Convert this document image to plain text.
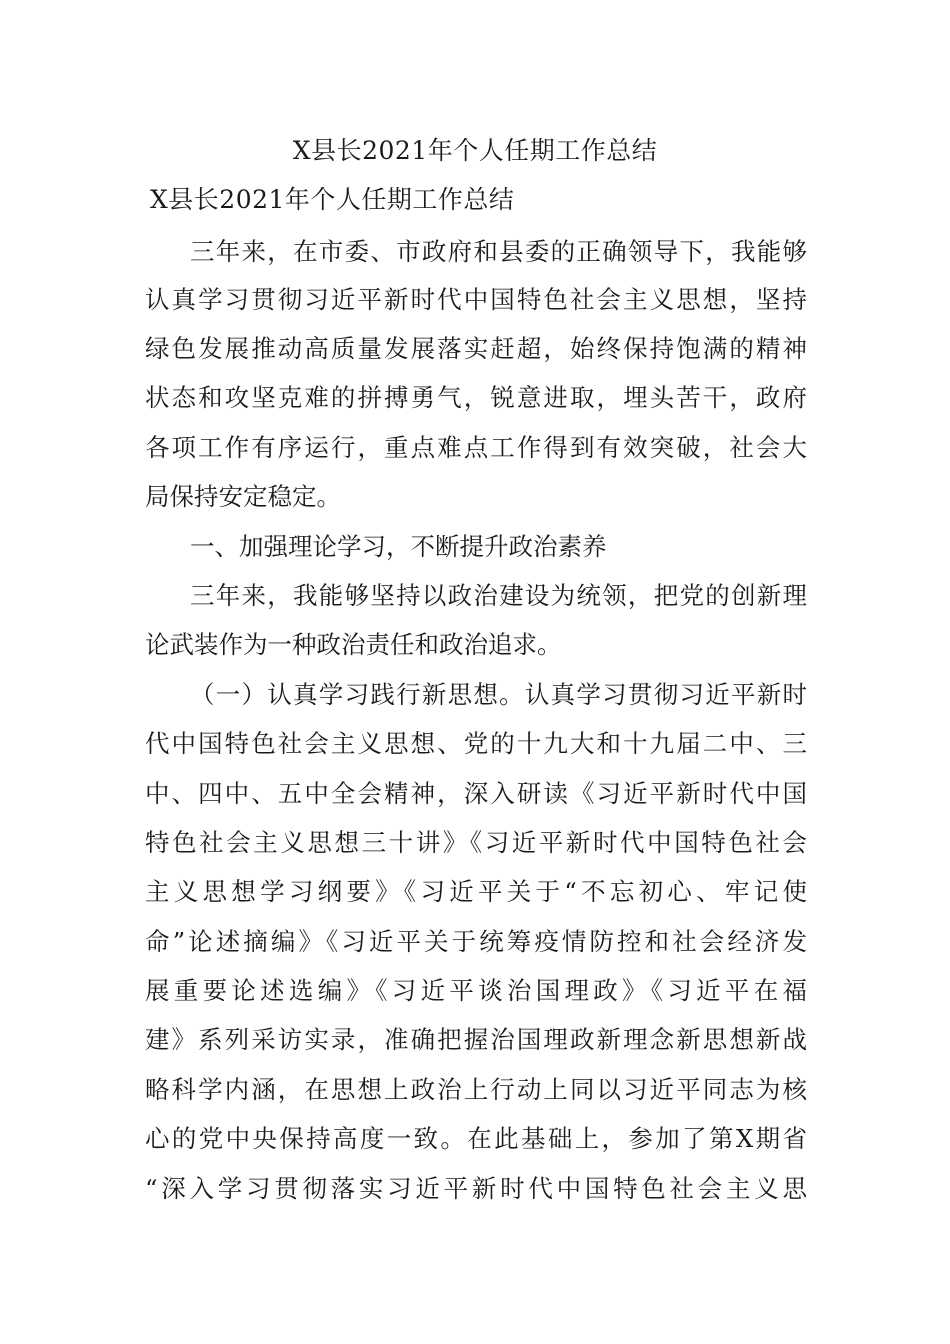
X县长2021年个人任期工作总结
X县长2021年个人任期工作总结
三年来，在市委、市政府和县委的正确领导下，我能够
认真学习贯彻习近平新时代中国特色社会主义思想，坚持
绿色发展推动高质量发展落实赶超，始终保持饱满的精神
状态和攻坚克难的拼搏勇气，锐意进取，埋头苦干，政府
各项工作有序运行，重点难点工作得到有效突破，社会大
局保持安定稳定。
一、加强理论学习，不断提升政治素养
三年来，我能够坚持以政治建设为统领，把党的创新理
论武装作为一种政治责任和政治追求。
（一）认真学习践行新思想。认真学习贯彻习近平新时
代中国特色社会主义思想、党的十九大和十九届二中、三
中、四中、五中全会精神，深入研读《习近平新时代中国
特色社会主义思想三十讲》《习近平新时代中国特色社会
主义思想学习纲要》《习近平关于“不忘初心、牢记使
命”论述摘编》《习近平关于统筹疫情防控和社会经济发
展重要论述选编》《习近平谈治国理政》《习近平在福
建》系列采访实录，准确把握治国理政新理念新思想新战
略科学内涵，在思想上政治上行动上同以习近平同志为核
心的党中央保持高度一致。在此基础上，参加了第X期省
“深入学习贯彻落实习近平新时代中国特色社会主义思
